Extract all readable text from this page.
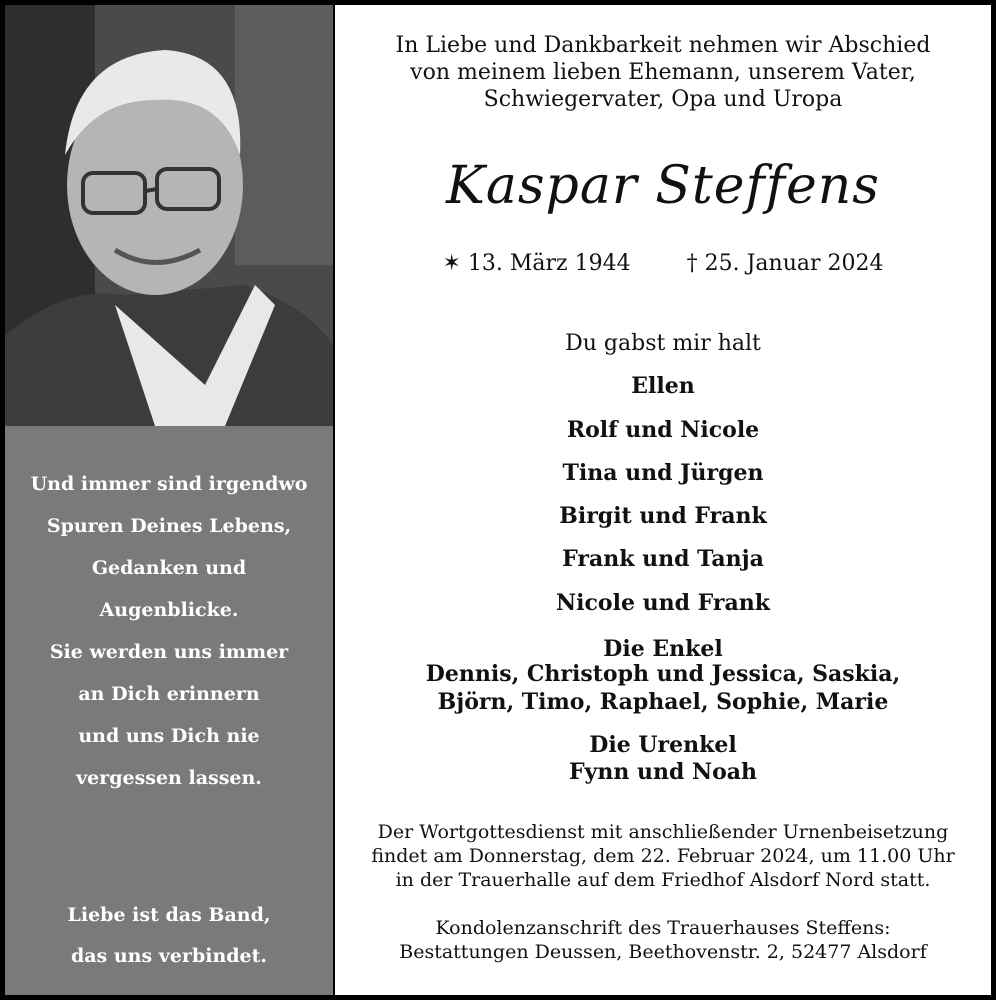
Und immer sind irgendwo
Spuren Deines Lebens,
Gedanken und
Augenblicke.
Sie werden uns immer
an Dich erinnern
und uns Dich nie
vergessen lassen.
Liebe ist das Band,
das uns verbindet.
In Liebe und Dankbarkeit nehmen wir Abschied
von meinem lieben Ehemann, unserem Vater,
Schwiegervater, Opa und Uropa
Kaspar Steffens
✶ 13. März 1944	† 25. Januar 2024
Du gabst mir halt
Ellen
Rolf und Nicole
Tina und Jürgen
Birgit und Frank
Frank und Tanja
Nicole und Frank
Die Enkel
Dennis, Christoph und Jessica, Saskia,
Björn, Timo, Raphael, Sophie, Marie
Die Urenkel
Fynn und Noah
Der Wortgottesdienst mit anschließender Urnenbeisetzung
findet am Donnerstag, dem 22. Februar 2024, um 11.00 Uhr
in der Trauerhalle auf dem Friedhof Alsdorf Nord statt.
Kondolenzanschrift des Trauerhauses Steffens:
Bestattungen Deussen, Beethovenstr. 2, 52477 Alsdorf
